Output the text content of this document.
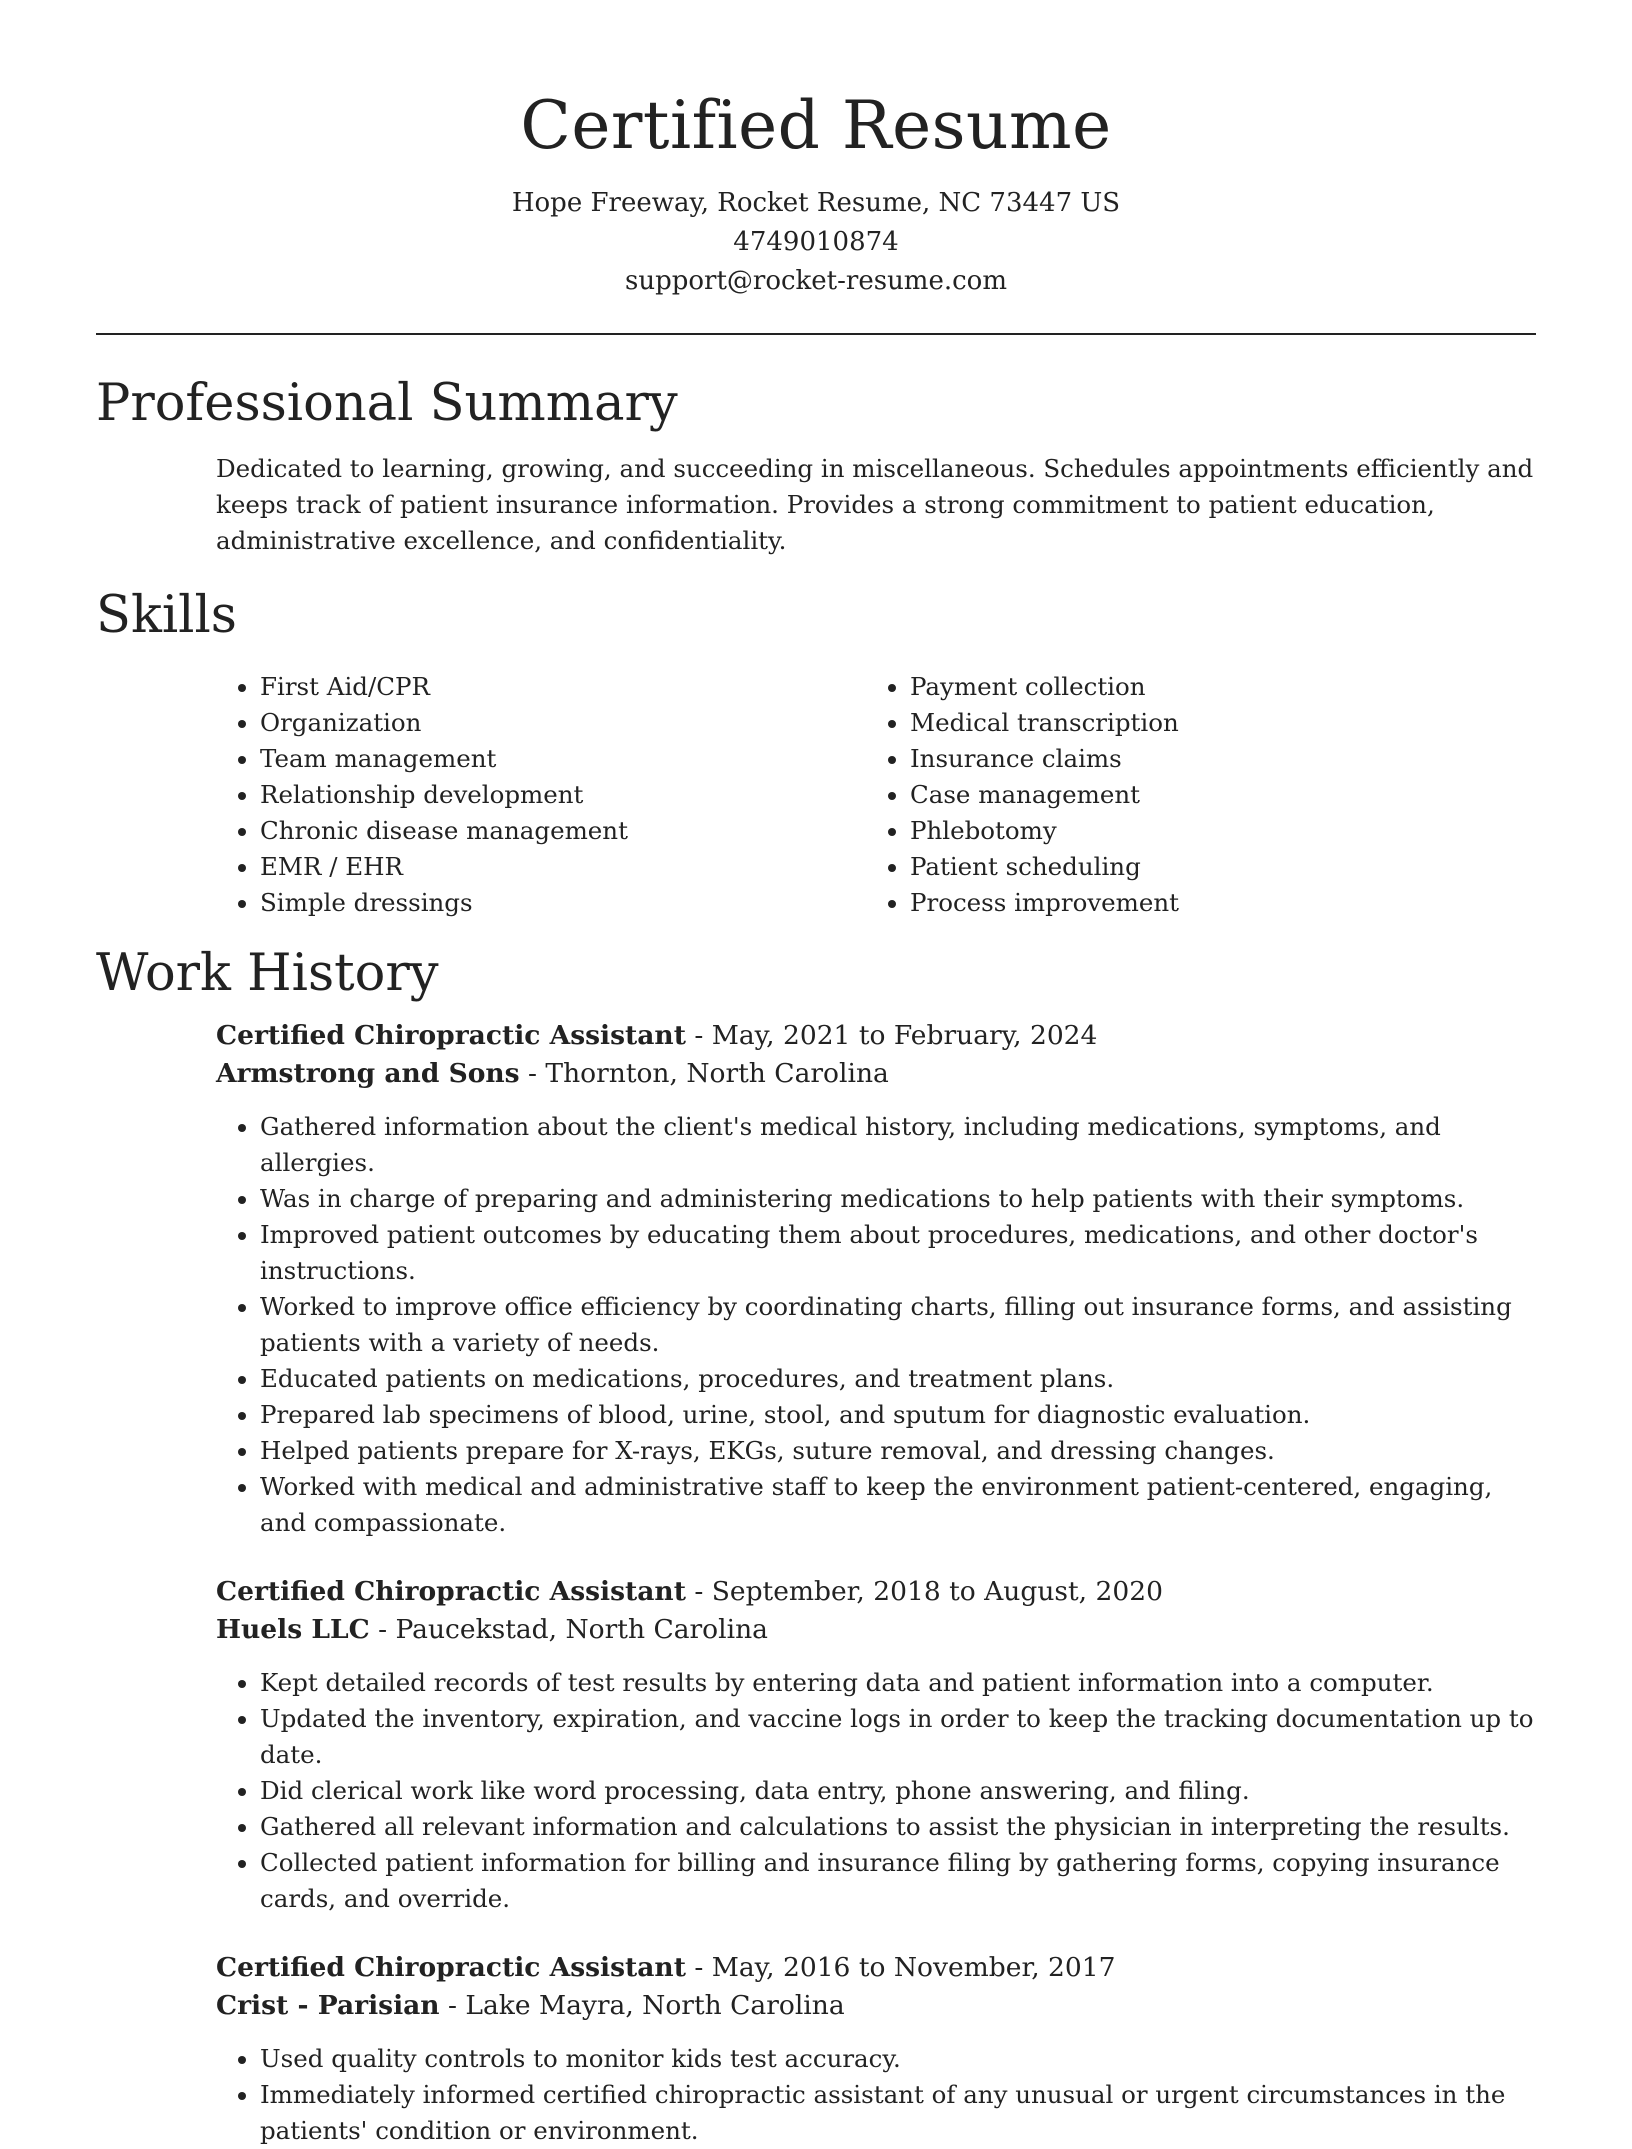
Certified Resume
Hope Freeway, Rocket Resume, NC 73447 US
4749010874
support@rocket-resume.com
Professional Summary

Dedicated to learning, growing, and succeeding in miscellaneous. Schedules appointments efficiently and keeps track of patient insurance information. Provides a strong commitment to patient education, administrative excellence, and confidentiality.

Skills
• First Aid/CPR
• Organization
• Team management
• Relationship development
• Chronic disease management
• EMR / EHR
• Simple dressings
• Payment collection
• Medical transcription
• Insurance claims
• Case management
• Phlebotomy
• Patient scheduling
• Process improvement
Work History
Certified Chiropractic Assistant - May, 2021 to February, 2024
Armstrong and Sons - Thornton, North Carolina
• Gathered information about the client's medical history, including medications, symptoms, and allergies.
• Was in charge of preparing and administering medications to help patients with their symptoms.
• Improved patient outcomes by educating them about procedures, medications, and other doctor's instructions.
• Worked to improve office efficiency by coordinating charts, filling out insurance forms, and assisting patients with a variety of needs.
• Educated patients on medications, procedures, and treatment plans.
• Prepared lab specimens of blood, urine, stool, and sputum for diagnostic evaluation.
• Helped patients prepare for X-rays, EKGs, suture removal, and dressing changes.
• Worked with medical and administrative staff to keep the environment patient-centered, engaging, and compassionate.
Certified Chiropractic Assistant - September, 2018 to August, 2020
Huels LLC - Paucekstad, North Carolina
• Kept detailed records of test results by entering data and patient information into a computer.
• Updated the inventory, expiration, and vaccine logs in order to keep the tracking documentation up to date.
• Did clerical work like word processing, data entry, phone answering, and filing.
• Gathered all relevant information and calculations to assist the physician in interpreting the results.
• Collected patient information for billing and insurance filing by gathering forms, copying insurance cards, and override.
Certified Chiropractic Assistant - May, 2016 to November, 2017
Crist - Parisian - Lake Mayra, North Carolina
• Used quality controls to monitor kids test accuracy.
• Immediately informed certified chiropractic assistant of any unusual or urgent circumstances in the patients' condition or environment.
